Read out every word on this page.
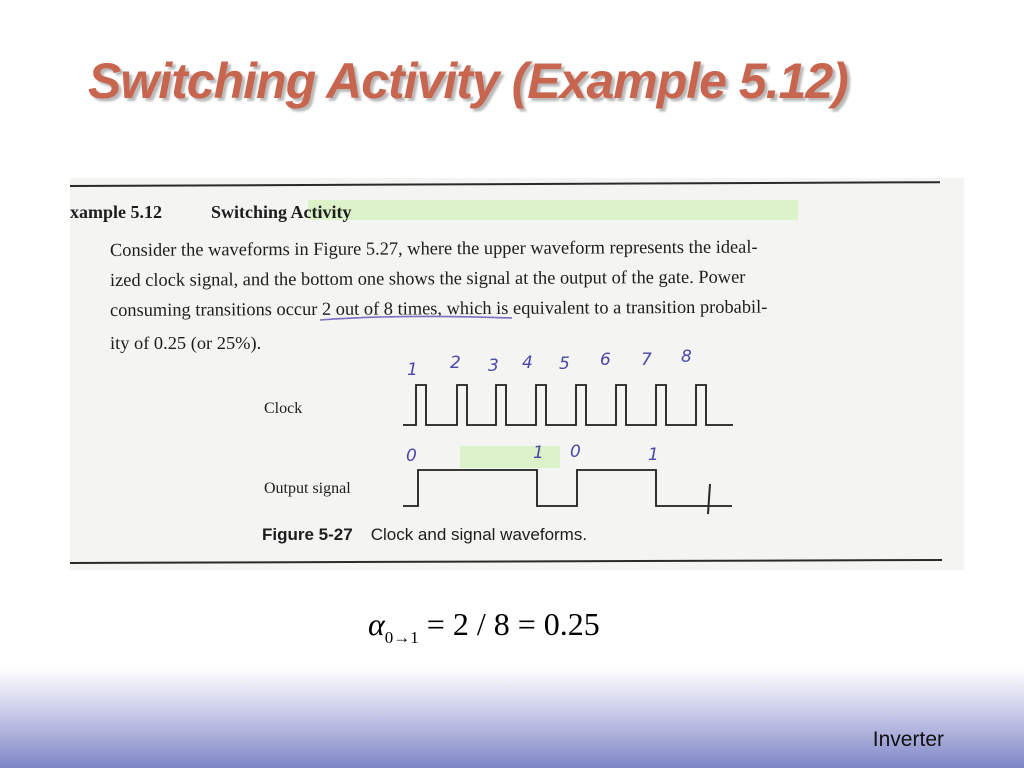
Switching Activity (Example 5.12)
xample 5.12	Switching Activity
Consider the waveforms in Figure 5.27, where the upper waveform represents the ideal-
ized clock signal, and the bottom one shows the signal at the output of the gate. Power
consuming transitions occur 2 out of 8 times, which is equivalent to a transition probabil-
ity of 0.25 (or 25%).
1 2 3 4 5 6 7 8
0	1 0	1
Clock
Output signal
Figure 5-27 Clock and signal waveforms.
$\alpha_{0\to 1} = 2 / 8 = 0.25$
Inverter
